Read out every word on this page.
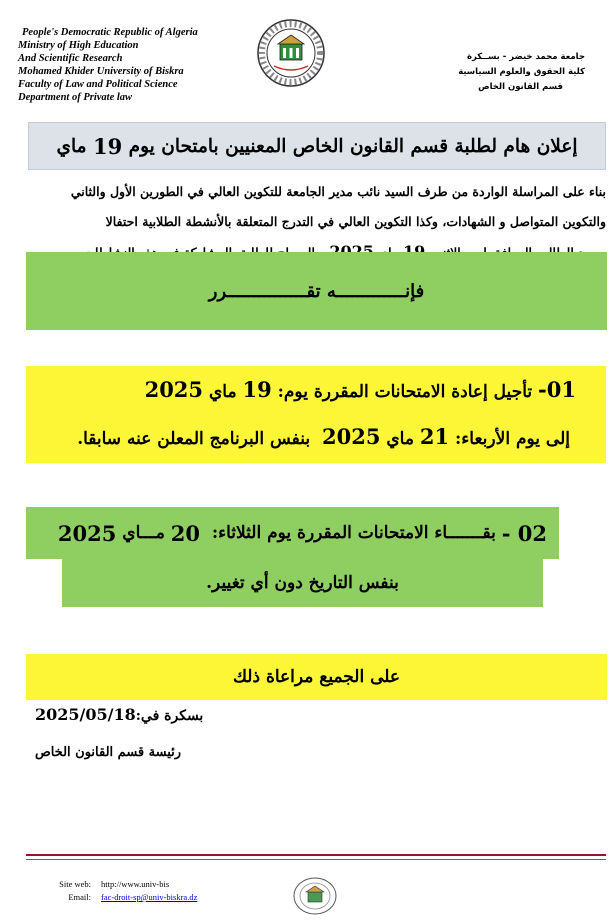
People's Democratic Republic of Algeria
Ministry of High Education
And Scientific Research
Mohamed Khider University of Biskra
Faculty of Law and Political Science
Department of Private law
جامعة محمد خيضر - بســكرة
كلية الحقوق والعلوم السياسية
قسم القانون الخاص
إعلان هام لطلبة قسم القانون الخاص المعنيين بامتحان يوم

19

ماي

بناء على المراسلة الواردة من طرف السيد نائب مدير الجامعة للتكوين العالي في الطورين الأول والثاني

والتكوين المتواصل و الشهادات، وكذا التكوين العالي في التدرج المتعلقة بالأنشطة الطلابية احتفالا

فإنـــــــــــــه تقـــــــــــــــرر
01- تأجيل إعادة الامتحانات المقررة يوم: 19 ماي 2025
إلى يوم الأربعاء: 21 ماي 2025  بنفس البرنامج المعلن عنه سابقا.
02 -

بقـــــــاء الامتحانات المقررة يوم الثلاثاء:

20

مـــاي

2025
بنفس التاريخ دون أي تغيير.
على الجميع مراعاة ذلك
بسكرة في:2025/05/18
رئيسة قسم القانون الخاص
Site web: http://www.univ-bis
Email: fac-droit-sp@univ-biskra.dz
